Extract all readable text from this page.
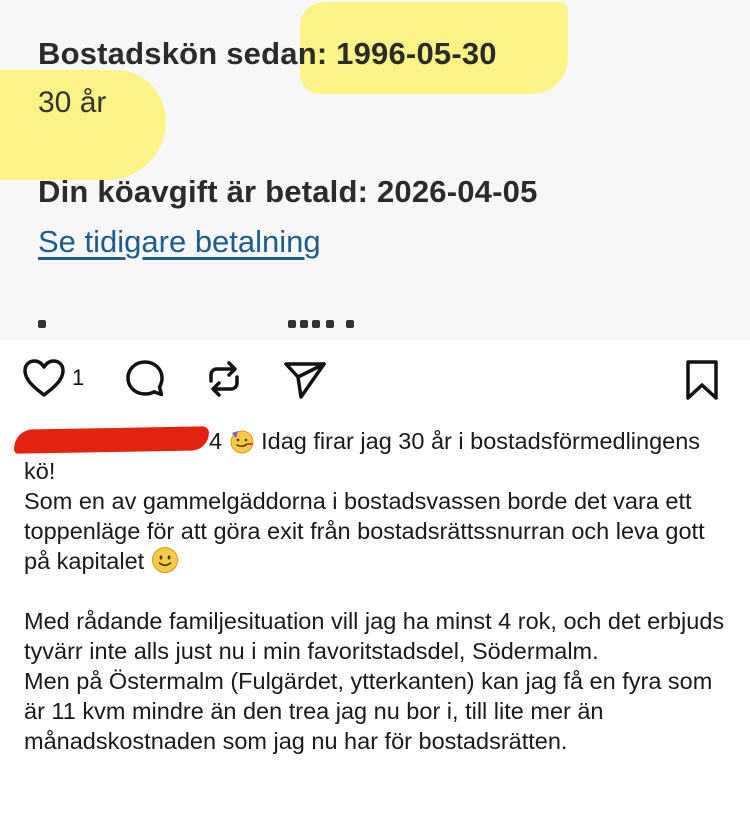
Bostadskön sedan: 1996-05-30
30 år
Din köavgift är betald: 2026-04-05
Se tidigare betalning
1

4 Idag firar jag 30 år i bostadsförmedlingens kö!

Som en av gammelgäddorna i bostadsvassen borde det vara ett toppenläge för att göra exit från bostadsrättssnurran och leva gott på kapitalet

Med rådande familjesituation vill jag ha minst 4 rok, och det erbjuds tyvärr inte alls just nu i min favoritstadsdel, Södermalm.

Men på Östermalm (Fulgärdet, ytterkanten) kan jag få en fyra som är 11 kvm mindre än den trea jag nu bor i, till lite mer än månadskostnaden som jag nu har för bostadsrätten.
